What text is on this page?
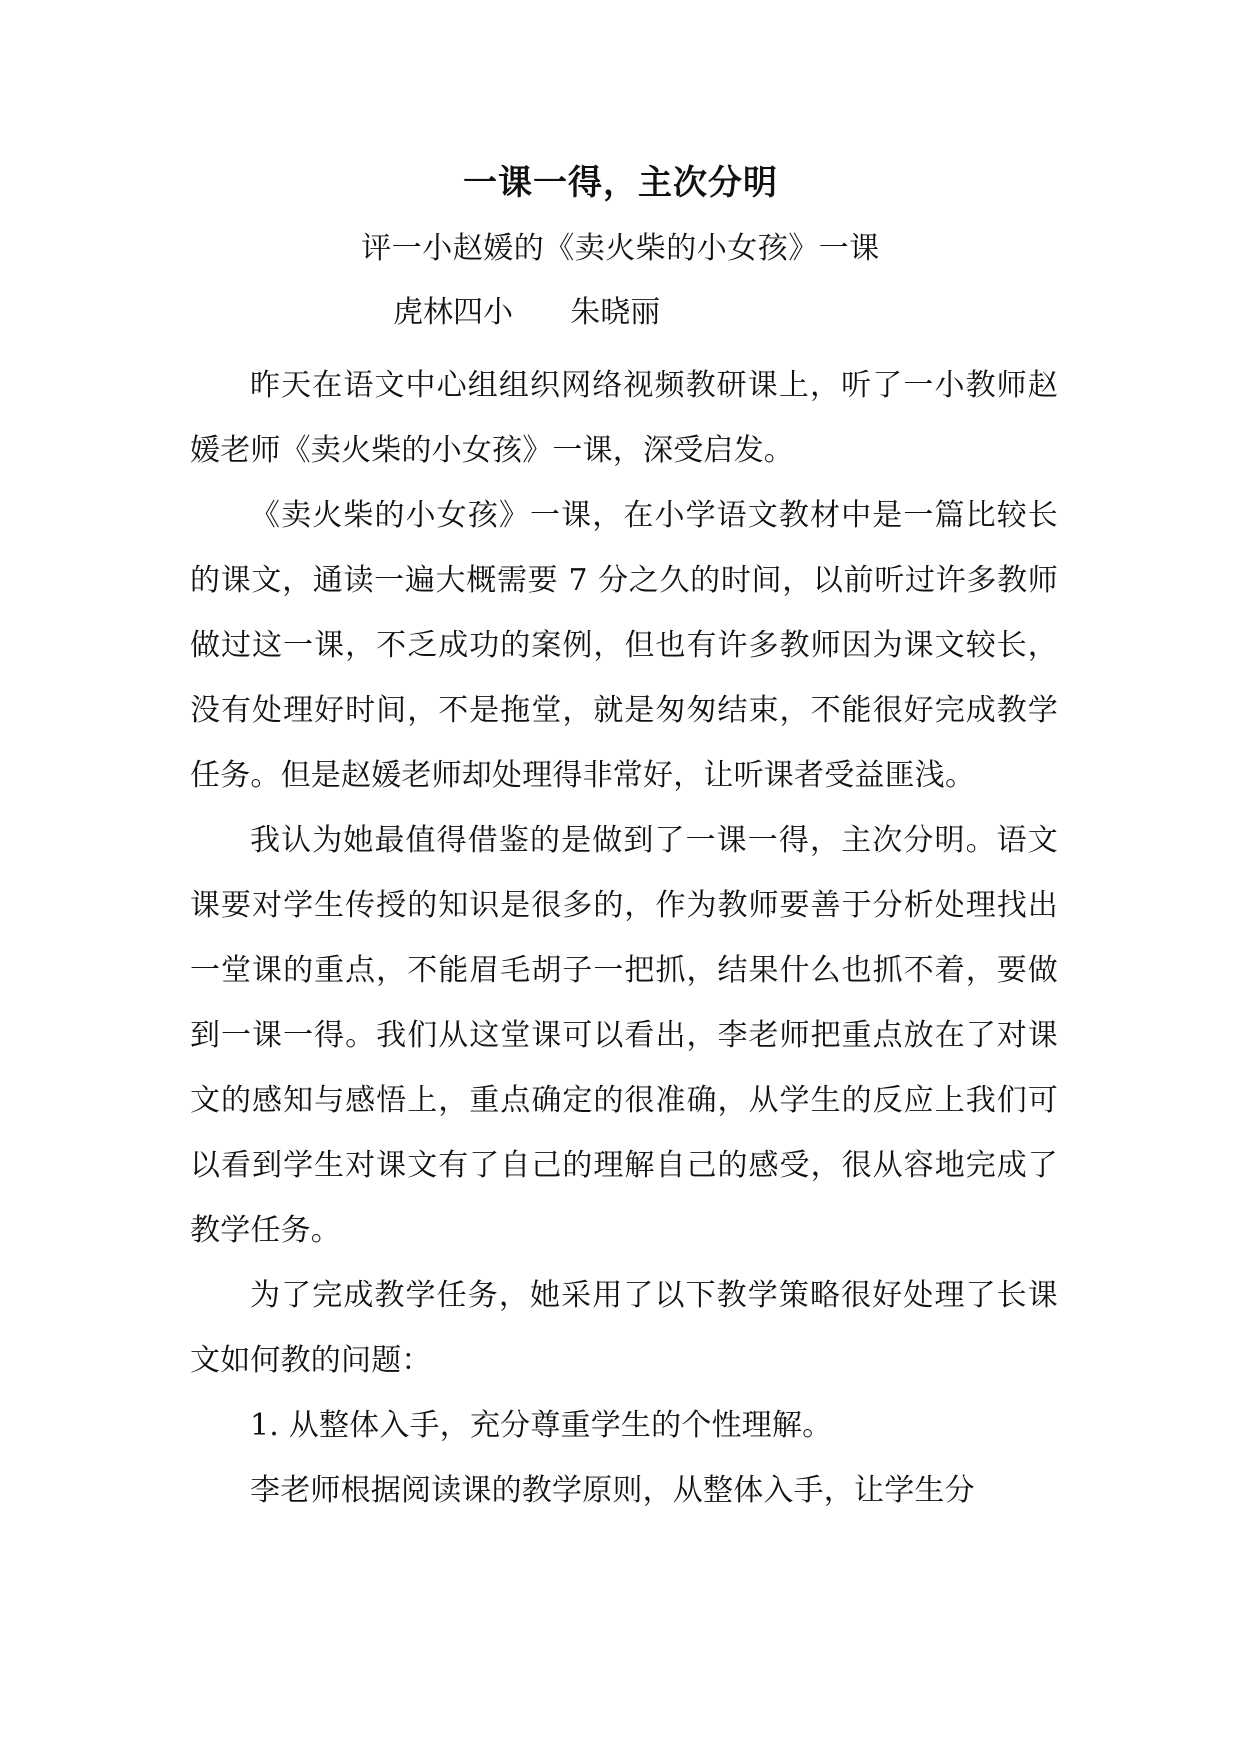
一课一得，主次分明
评一小赵媛的《卖火柴的小女孩》一课
虎林四小      朱晓丽

昨天在语文中心组组织网络视频教研课上，听了一小教师赵媛老师《卖火柴的小女孩》一课，深受启发。

《卖火柴的小女孩》一课，在小学语文教材中是一篇比较长的课文，通读一遍大概需要 7 分之久的时间，以前听过许多教师做过这一课，不乏成功的案例，但也有许多教师因为课文较长，没有处理好时间，不是拖堂，就是匆匆结束，不能很好完成教学任务。但是赵媛老师却处理得非常好，让听课者受益匪浅。

我认为她最值得借鉴的是做到了一课一得，主次分明。语文课要对学生传授的知识是很多的，作为教师要善于分析处理找出一堂课的重点，不能眉毛胡子一把抓，结果什么也抓不着，要做到一课一得。我们从这堂课可以看出，李老师把重点放在了对课文的感知与感悟上，重点确定的很准确，从学生的反应上我们可以看到学生对课文有了自己的理解自己的感受，很从容地完成了教学任务。

为了完成教学任务，她采用了以下教学策略很好处理了长课文如何教的问题：

1. 从整体入手，充分尊重学生的个性理解。

李老师根据阅读课的教学原则，从整体入手，让学生分
